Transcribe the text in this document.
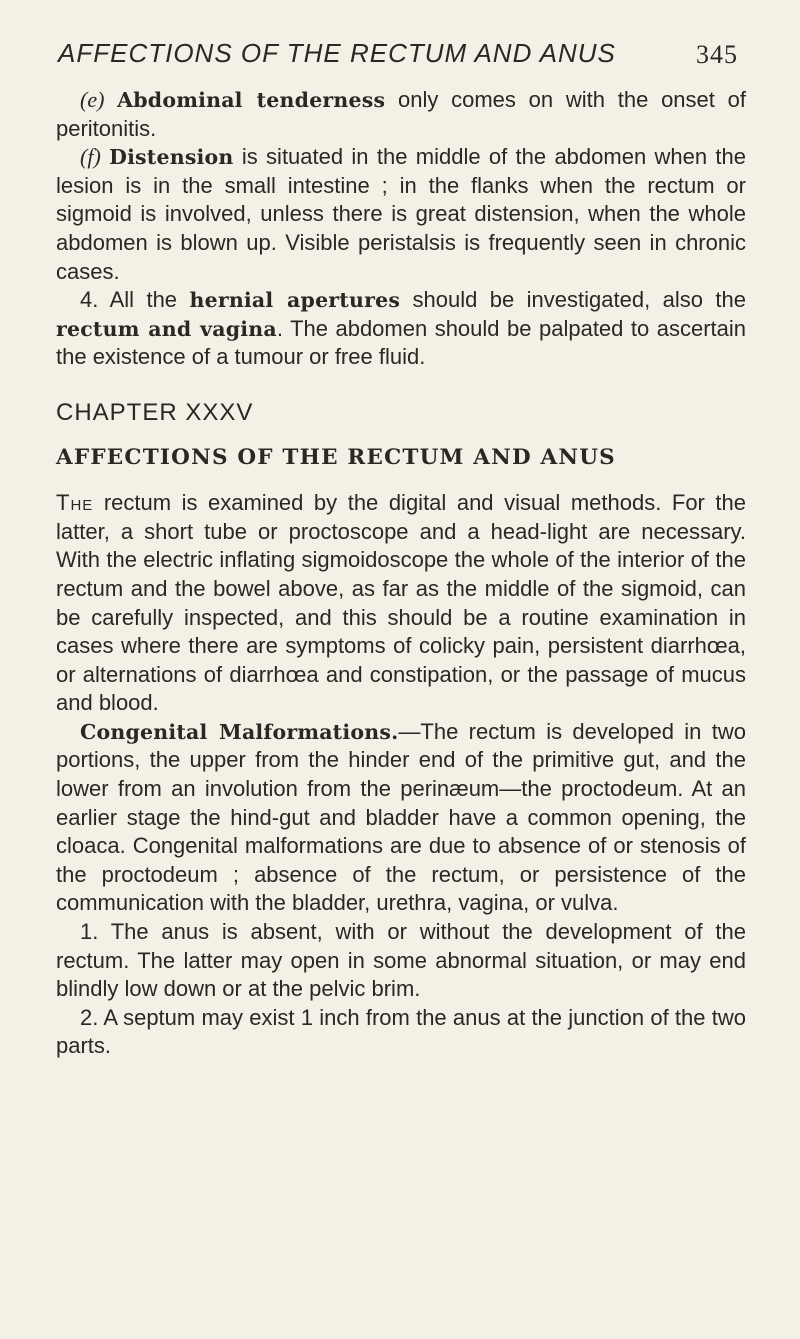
AFFECTIONS OF THE RECTUM AND ANUS	345

(e) Abdominal tenderness only comes on with the onset of peritonitis.

(f) Distension is situated in the middle of the abdomen when the lesion is in the small intestine ; in the flanks when the rectum or sigmoid is involved, unless there is great distension, when the whole abdomen is blown up. Visible peristalsis is frequently seen in chronic cases.

4. All the hernial apertures should be investigated, also the rectum and vagina. The abdomen should be palpated to ascertain the existence of a tumour or free fluid.

CHAPTER XXXV

AFFECTIONS OF THE RECTUM AND ANUS

The rectum is examined by the digital and visual methods. For the latter, a short tube or proctoscope and a head-light are necessary. With the electric inflating sigmoidoscope the whole of the interior of the rectum and the bowel above, as far as the middle of the sigmoid, can be carefully inspected, and this should be a routine examination in cases where there are symptoms of colicky pain, persistent diarrhœa, or alternations of diarrhœa and constipation, or the passage of mucus and blood.

Congenital Malformations.—The rectum is developed in two portions, the upper from the hinder end of the primitive gut, and the lower from an involution from the perinæum—the proctodeum. At an earlier stage the hind-gut and bladder have a common opening, the cloaca. Congenital malformations are due to absence of or stenosis of the proctodeum ; absence of the rectum, or persistence of the communication with the bladder, urethra, vagina, or vulva.

1. The anus is absent, with or without the development of the rectum. The latter may open in some abnormal situation, or may end blindly low down or at the pelvic brim.

2. A septum may exist 1 inch from the anus at the junction of the two parts.
